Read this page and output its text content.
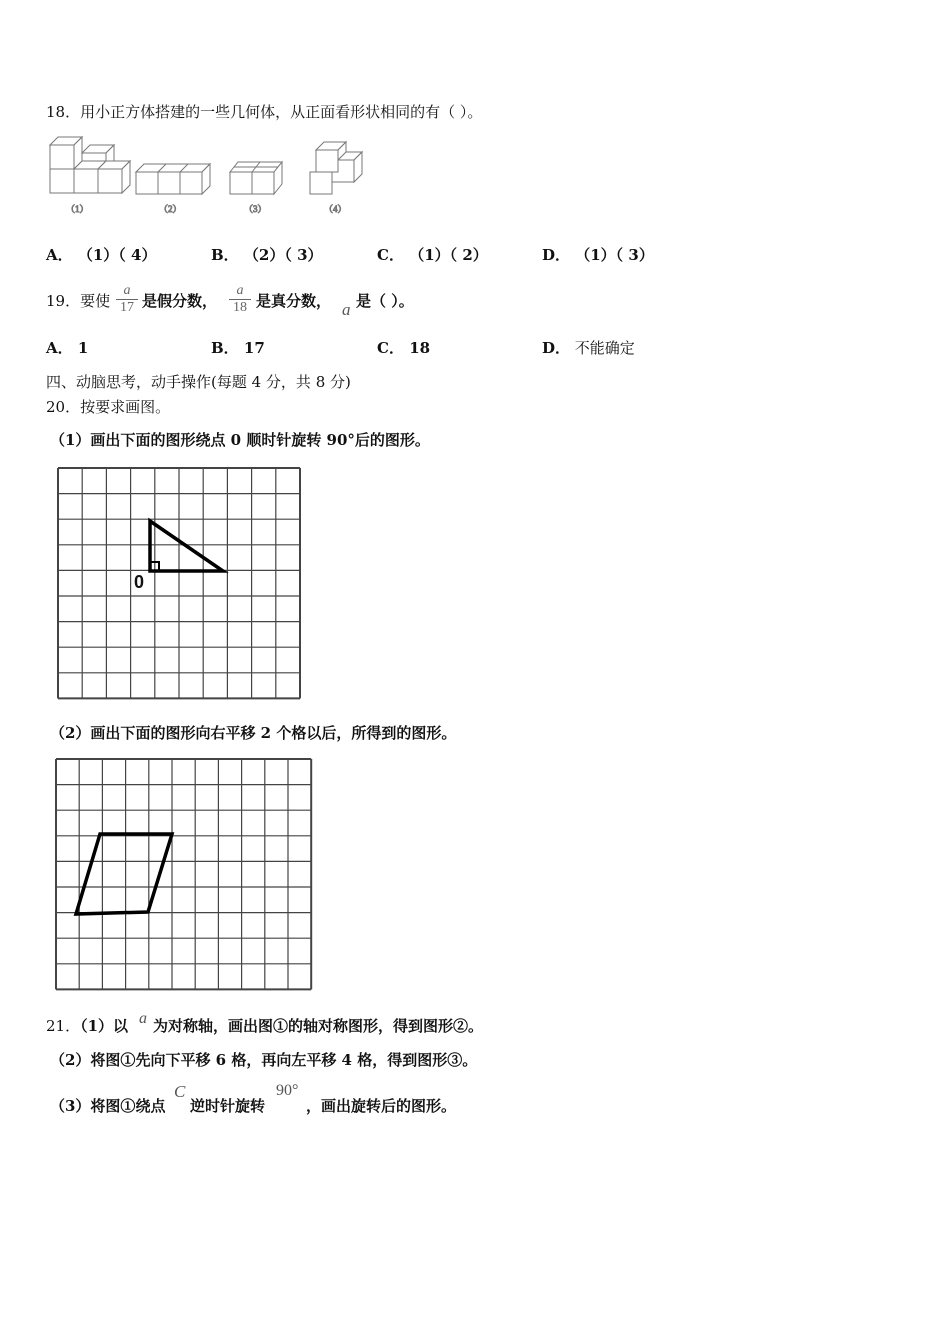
18．用小正方体搭建的一些几何体，从正面看形状相同的有（ ）。
（1）	（2）	（3）	（4）
A． （1）（ 4）	B． （2）（ 3）	C． （1）（ 2）	D． （1）（ 3）
19．要使
a
17 是假分数，
a
18 是真分数， a 是（ ）。
A． 1	B． 17	C． 18	D． 不能确定
四、动脑思考，动手操作(每题 4 分，共 8 分)
20．按要求画图。
（1）画出下面的图形绕点 0 顺时针旋转 90°后的图形。
0
（2）画出下面的图形向右平移 2 个格以后，所得到的图形。
21．（1）以 a 为对称轴，画出图①的轴对称图形，得到图形②。
（2）将图①先向下平移 6 格，再向左平移 4 格，得到图形③。
（3）将图①绕点
C
逆时针旋转
90°
，画出旋转后的图形。
